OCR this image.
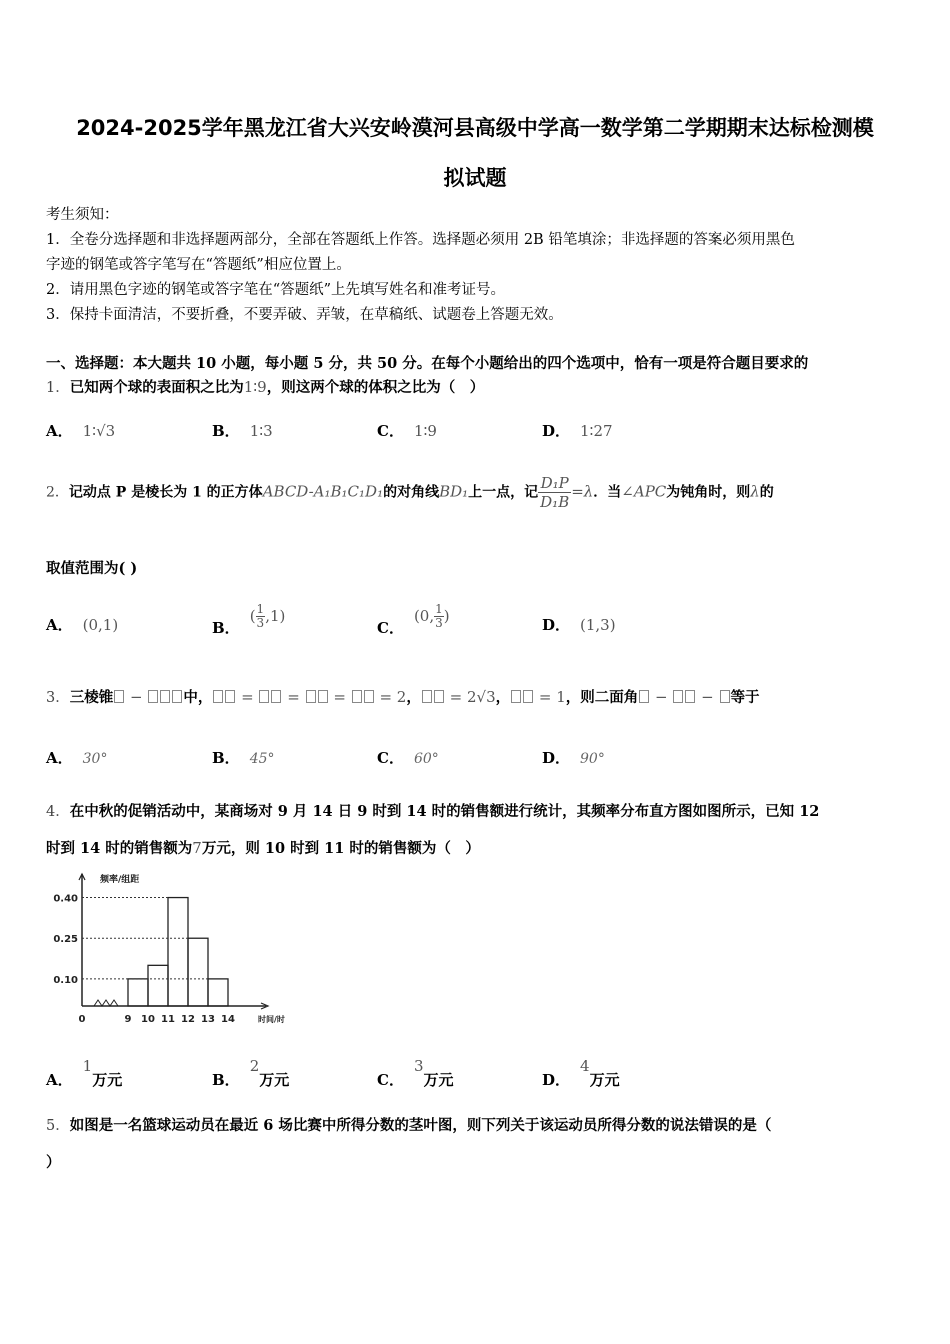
2024-2025学年黑龙江省大兴安岭漠河县高级中学高一数学第二学期期末达标检测模
拟试题
考生须知：
1．全卷分选择题和非选择题两部分，全部在答题纸上作答。选择题必须用 2B 铅笔填涂；非选择题的答案必须用黑色
字迹的钢笔或答字笔写在“答题纸”相应位置上。
2．请用黑色字迹的钢笔或答字笔在“答题纸”上先填写姓名和准考证号。
3．保持卡面清洁，不要折叠，不要弄破、弄皱，在草稿纸、试题卷上答题无效。
一、选择题：本大题共 10 小题，每小题 5 分，共 50 分。在每个小题给出的四个选项中，恰有一项是符合题目要求的
1．已知两个球的表面积之比为1∶9，则这两个球的体积之比为（　）
A． 1∶√3	B． 1∶3	C． 1∶9	D． 1∶27
2．记动点 P 是棱长为 1 的正方体ABCD-A₁B₁C₁D₁的对角线BD₁上一点，记 $\frac{\text{D₁P}}{\text{D₁B}} =\lambda$．当∠APC为钝角时，则λ的
取值范围为( )
A． (0,1)	B．( $\frac{1}{3} ,1$)
C．(0, $\frac{1}{3}$ )
D． (1,3)
3．三棱锥 − 中， =  =  =  = 2， = 2√3， = 1，则二面角 −  − 等于
A． 30°	B． 45°	C． 60°	D． 90°
4．在中秋的促销活动中，某商场对 9 月 14 日 9 时到 14 时的销售额进行统计，其频率分布直方图如图所示，已知 12
时到 14 时的销售额为7万元，则 10 时到 11 时的销售额为（　）
0.10
0.25
0.40
0	9 10 11 12 13 14
频率/组距
时间/时
A．1万元	B．2万元	C．3万元	D．4万元
5．如图是一名篮球运动员在最近 6 场比赛中所得分数的茎叶图，则下列关于该运动员所得分数的说法错误的是（
）
